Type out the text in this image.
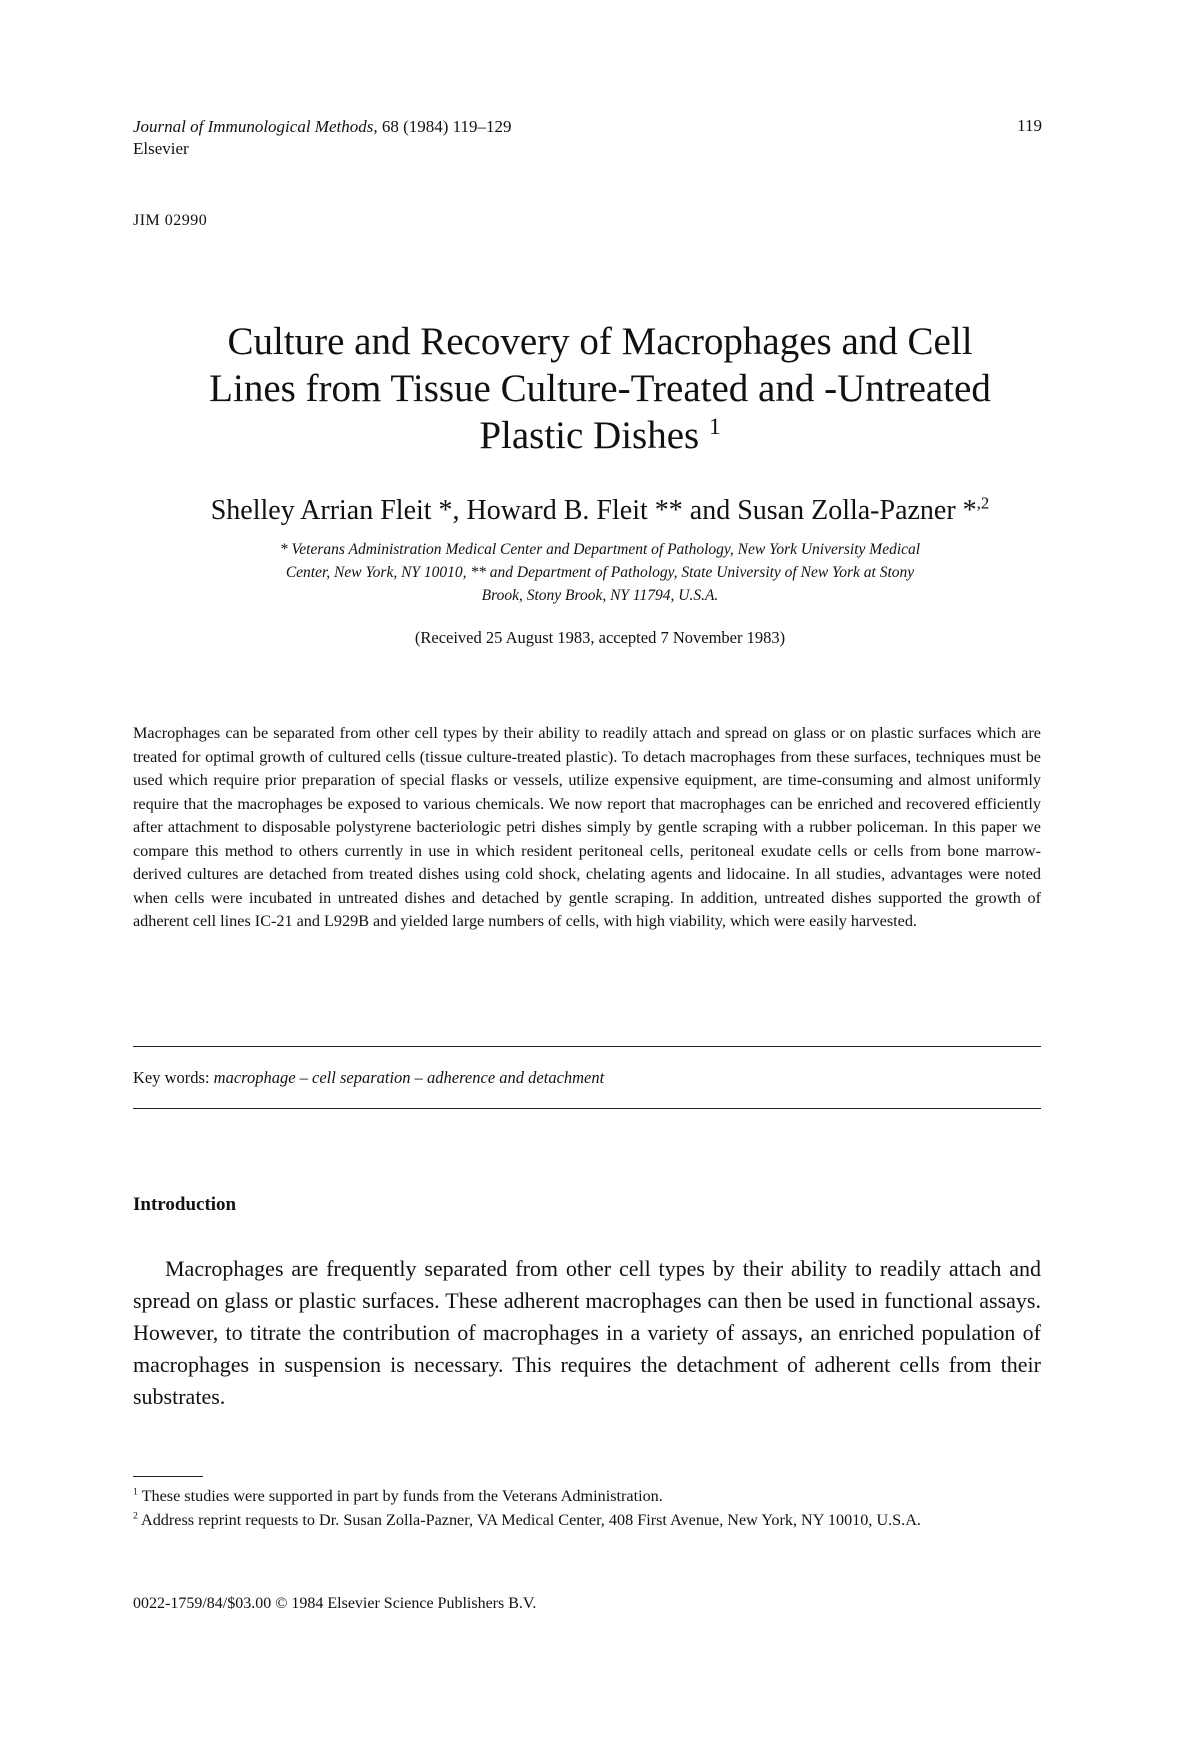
Journal of Immunological Methods, 68 (1984) 119–129
Elsevier
119
JIM 02990
Culture and Recovery of Macrophages and Cell
Lines from Tissue Culture-Treated and -Untreated
Plastic Dishes $^1$
Shelley Arrian Fleit *, Howard B. Fleit ** and Susan Zolla-Pazner *$^{,2}$
* Veterans Administration Medical Center and Department of Pathology, New York University Medical
Center, New York, NY 10010, ** and Department of Pathology, State University of New York at Stony
Brook, Stony Brook, NY 11794, U.S.A.
(Received 25 August 1983, accepted 7 November 1983)
Macrophages can be separated from other cell types by their ability to readily attach and spread on glass or on plastic surfaces which are treated for optimal growth of cultured cells (tissue culture-treated plastic). To detach macrophages from these surfaces, techniques must be used which require prior preparation of special flasks or vessels, utilize expensive equipment, are time-consuming and almost uniformly require that the macrophages be exposed to various chemicals. We now report that macrophages can be enriched and recovered efficiently after attachment to disposable polystyrene bacteriologic petri dishes simply by gentle scraping with a rubber policeman. In this paper we compare this method to others currently in use in which resident peritoneal cells, peritoneal exudate cells or cells from bone marrow-derived cultures are detached from treated dishes using cold shock, chelating agents and lidocaine. In all studies, advantages were noted when cells were incubated in untreated dishes and detached by gentle scraping. In addition, untreated dishes supported the growth of adherent cell lines IC-21 and L929B and yielded large numbers of cells, with high viability, which were easily harvested.
Key words: macrophage – cell separation – adherence and detachment
Introduction
Macrophages are frequently separated from other cell types by their ability to readily attach and spread on glass or plastic surfaces. These adherent macrophages can then be used in functional assays. However, to titrate the contribution of macrophages in a variety of assays, an enriched population of macrophages in suspension is necessary. This requires the detachment of adherent cells from their substrates.

$^1$ These studies were supported in part by funds from the Veterans Administration.

$^2$ Address reprint requests to Dr. Susan Zolla-Pazner, VA Medical Center, 408 First Avenue, New York, NY 10010, U.S.A.

0022-1759/84/$03.00 © 1984 Elsevier Science Publishers B.V.
